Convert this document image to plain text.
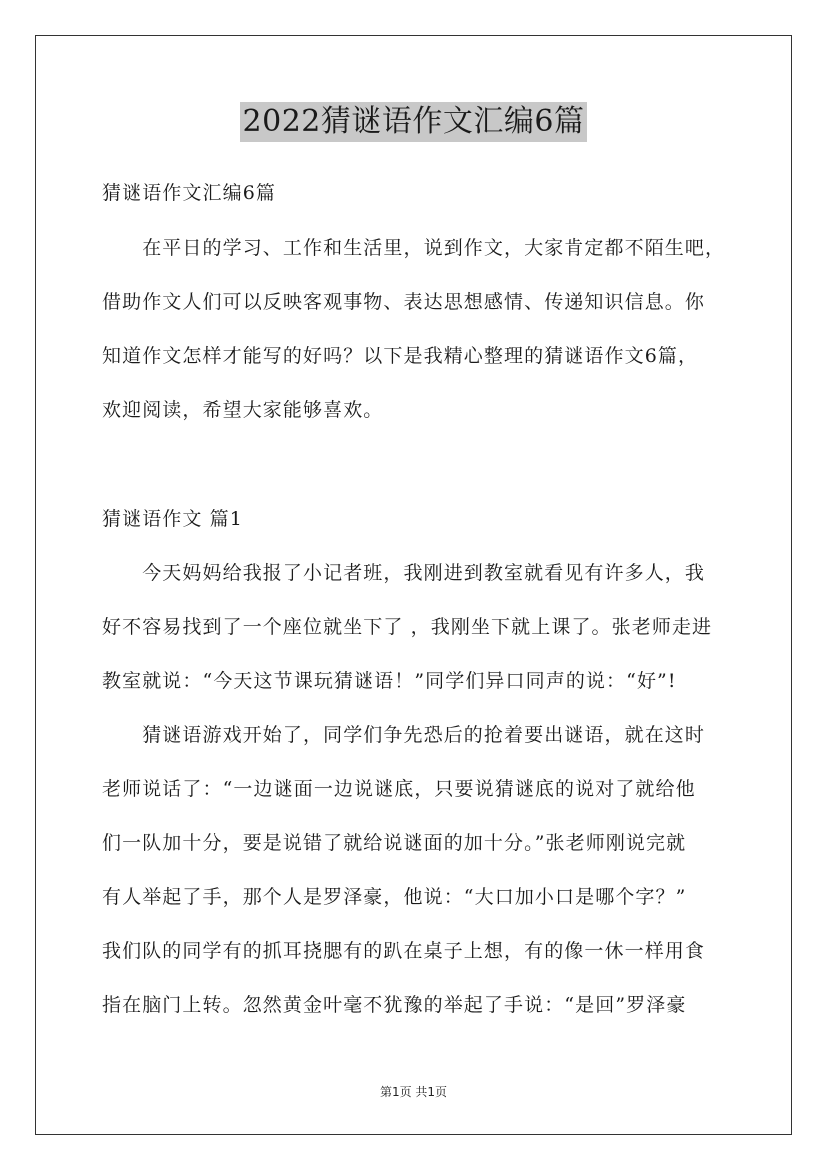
2022猜谜语作文汇编6篇
猜谜语作文汇编6篇
　　在平日的学习、工作和生活里，说到作文，大家肯定都不陌生吧，
借助作文人们可以反映客观事物、表达思想感情、传递知识信息。你
知道作文怎样才能写的好吗？以下是我精心整理的猜谜语作文6篇，
欢迎阅读，希望大家能够喜欢。
猜谜语作文 篇1
　　今天妈妈给我报了小记者班，我刚进到教室就看见有许多人，我
好不容易找到了一个座位就坐下了 ，我刚坐下就上课了。张老师走进
教室就说：“今天这节课玩猜谜语！”同学们异口同声的说：“好”!
　　猜谜语游戏开始了，同学们争先恐后的抢着要出谜语，就在这时
老师说话了：“一边谜面一边说谜底，只要说猜谜底的说对了就给他
们一队加十分，要是说错了就给说谜面的加十分。”张老师刚说完就
有人举起了手，那个人是罗泽豪，他说：“大口加小口是哪个字？”
我们队的同学有的抓耳挠腮有的趴在桌子上想，有的像一休一样用食
指在脑门上转。忽然黄金叶毫不犹豫的举起了手说：“是回”罗泽豪
第1页 共1页
